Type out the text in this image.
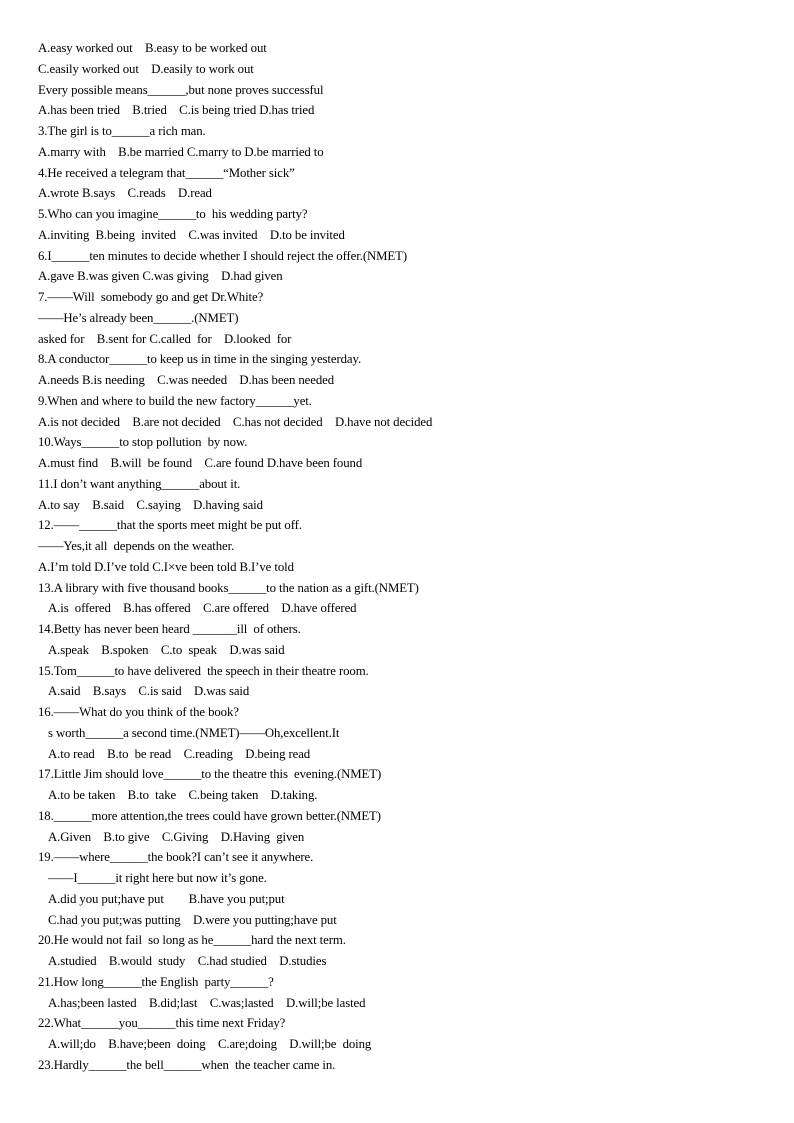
A.easy worked out    B.easy to be worked out
C.easily worked out    D.easily to work out
Every possible means______,but none proves successful
A.has been tried    B.tried    C.is being tried D.has tried
3.The girl is to______a rich man.
A.marry with    B.be married C.marry to D.be married to
4.He received a telegram that______“Mother sick”
A.wrote B.says    C.reads    D.read
5.Who can you imagine______to  his wedding party?
A.inviting  B.being  invited    C.was invited    D.to be invited
6.I______ten minutes to decide whether I should reject the offer.(NMET)
A.gave B.was given C.was giving    D.had given
7.——Will  somebody go and get Dr.White?
——He’s already been______.(NMET)
asked for    B.sent for C.called  for    D.looked  for
8.A conductor______to keep us in time in the singing yesterday.
A.needs B.is needing    C.was needed    D.has been needed
9.When and where to build the new factory______yet.
A.is not decided    B.are not decided    C.has not decided    D.have not decided
10.Ways______to stop pollution  by now.
A.must find    B.will  be found    C.are found D.have been found
11.I don’t want anything______about it.
A.to say    B.said    C.saying    D.having said
12.——______that the sports meet might be put off.
——Yes,it all  depends on the weather.
A.I’m told D.I’ve told C.I×ve been told B.I’ve told
13.A library with five thousand books______to the nation as a gift.(NMET)
A.is  offered    B.has offered    C.are offered    D.have offered
14.Betty has never been heard _______ill  of others.
A.speak    B.spoken    C.to  speak    D.was said
15.Tom______to have delivered  the speech in their theatre room.
A.said    B.says    C.is said    D.was said
16.——What do you think of the book?
s worth______a second time.(NMET)——Oh,excellent.It
A.to read    B.to  be read    C.reading    D.being read
17.Little Jim should love______to the theatre this  evening.(NMET)
A.to be taken    B.to  take    C.being taken    D.taking.
18.______more attention,the trees could have grown better.(NMET)
A.Given    B.to give    C.Giving    D.Having  given
19.——where______the book?I can’t see it anywhere.
——I______it right here but now it’s gone.
A.did you put;have put        B.have you put;put
C.had you put;was putting    D.were you putting;have put
20.He would not fail  so long as he______hard the next term.
A.studied    B.would  study    C.had studied    D.studies
21.How long______the English  party______?
A.has;been lasted    B.did;last    C.was;lasted    D.will;be lasted
22.What______you______this time next Friday?
A.will;do    B.have;been  doing    C.are;doing    D.will;be  doing
23.Hardly______the bell______when  the teacher came in.
